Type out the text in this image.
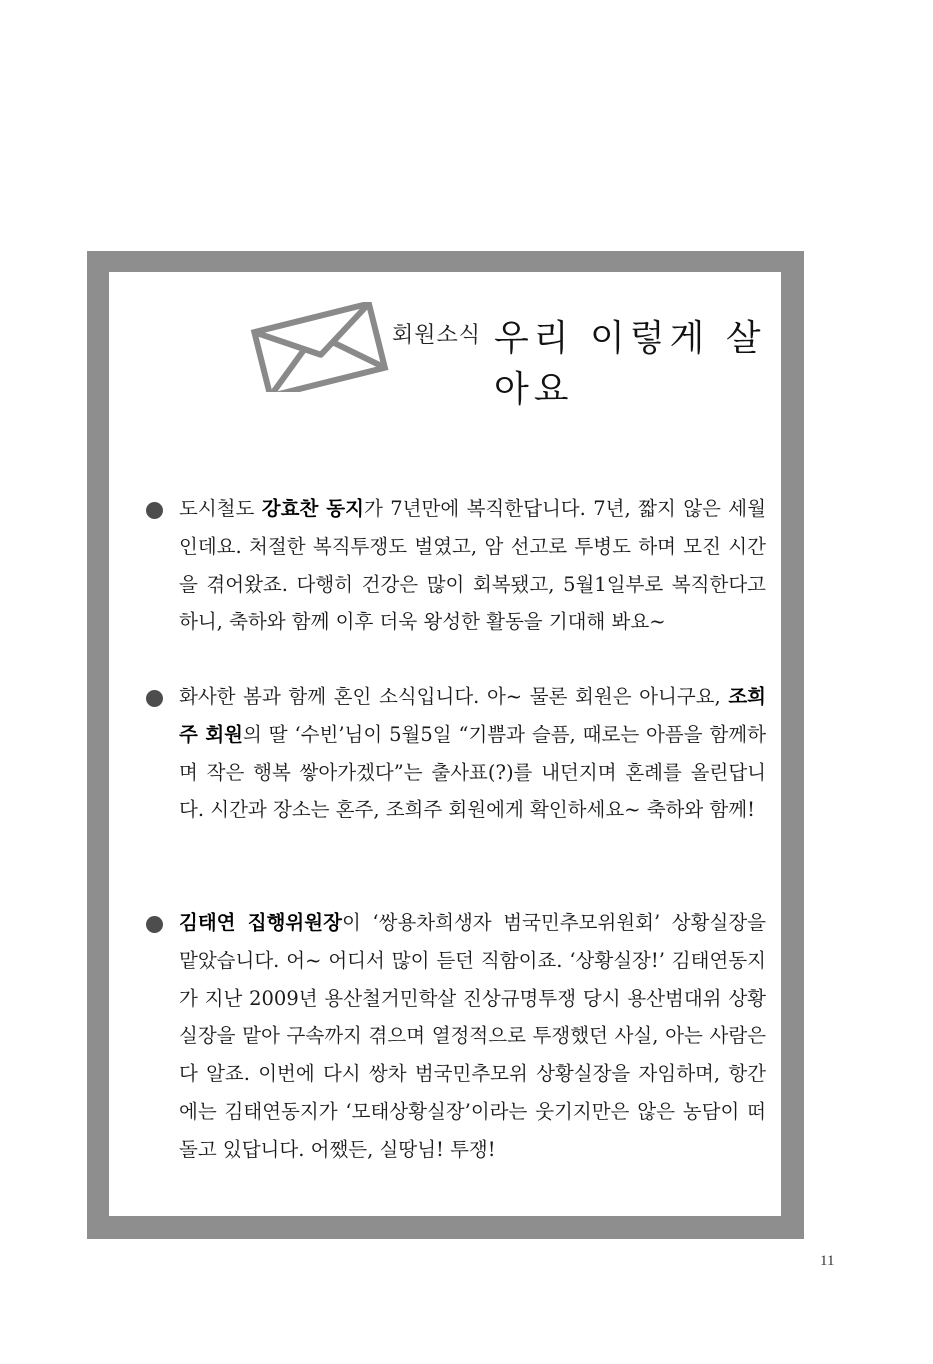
회원소식 우리 이렇게 살아요
도시철도 강효찬 동지가 7년만에 복직한답니다. 7년, 짧지 않은 세월인데요. 처절한 복직투쟁도 벌였고, 암 선고로 투병도 하며 모진 시간을 겪어왔죠. 다행히 건강은 많이 회복됐고, 5월1일부로 복직한다고 하니, 축하와 함께 이후 더욱 왕성한 활동을 기대해 봐요~
화사한 봄과 함께 혼인 소식입니다. 아~ 물론 회원은 아니구요, 조희주 회원의 딸 ‘수빈’님이 5월5일 “기쁨과 슬픔, 때로는 아픔을 함께하며 작은 행복 쌓아가겠다”는 출사표(?)를 내던지며 혼례를 올린답니다. 시간과 장소는 혼주, 조희주 회원에게 확인하세요~ 축하와 함께!
김태연 집행위원장이 ‘쌍용차희생자 범국민추모위원회’ 상황실장을 맡았습니다. 어~ 어디서 많이 듣던 직함이죠. ‘상황실장!’ 김태연동지가 지난 2009년 용산철거민학살 진상규명투쟁 당시 용산범대위 상황실장을 맡아 구속까지 겪으며 열정적으로 투쟁했던 사실, 아는 사람은 다 알죠. 이번에 다시 쌍차 범국민추모위 상황실장을 자임하며, 항간에는 김태연동지가 ‘모태상황실장’이라는 웃기지만은 않은 농담이 떠돌고 있답니다. 어쨌든, 실땅님! 투쟁!
11
